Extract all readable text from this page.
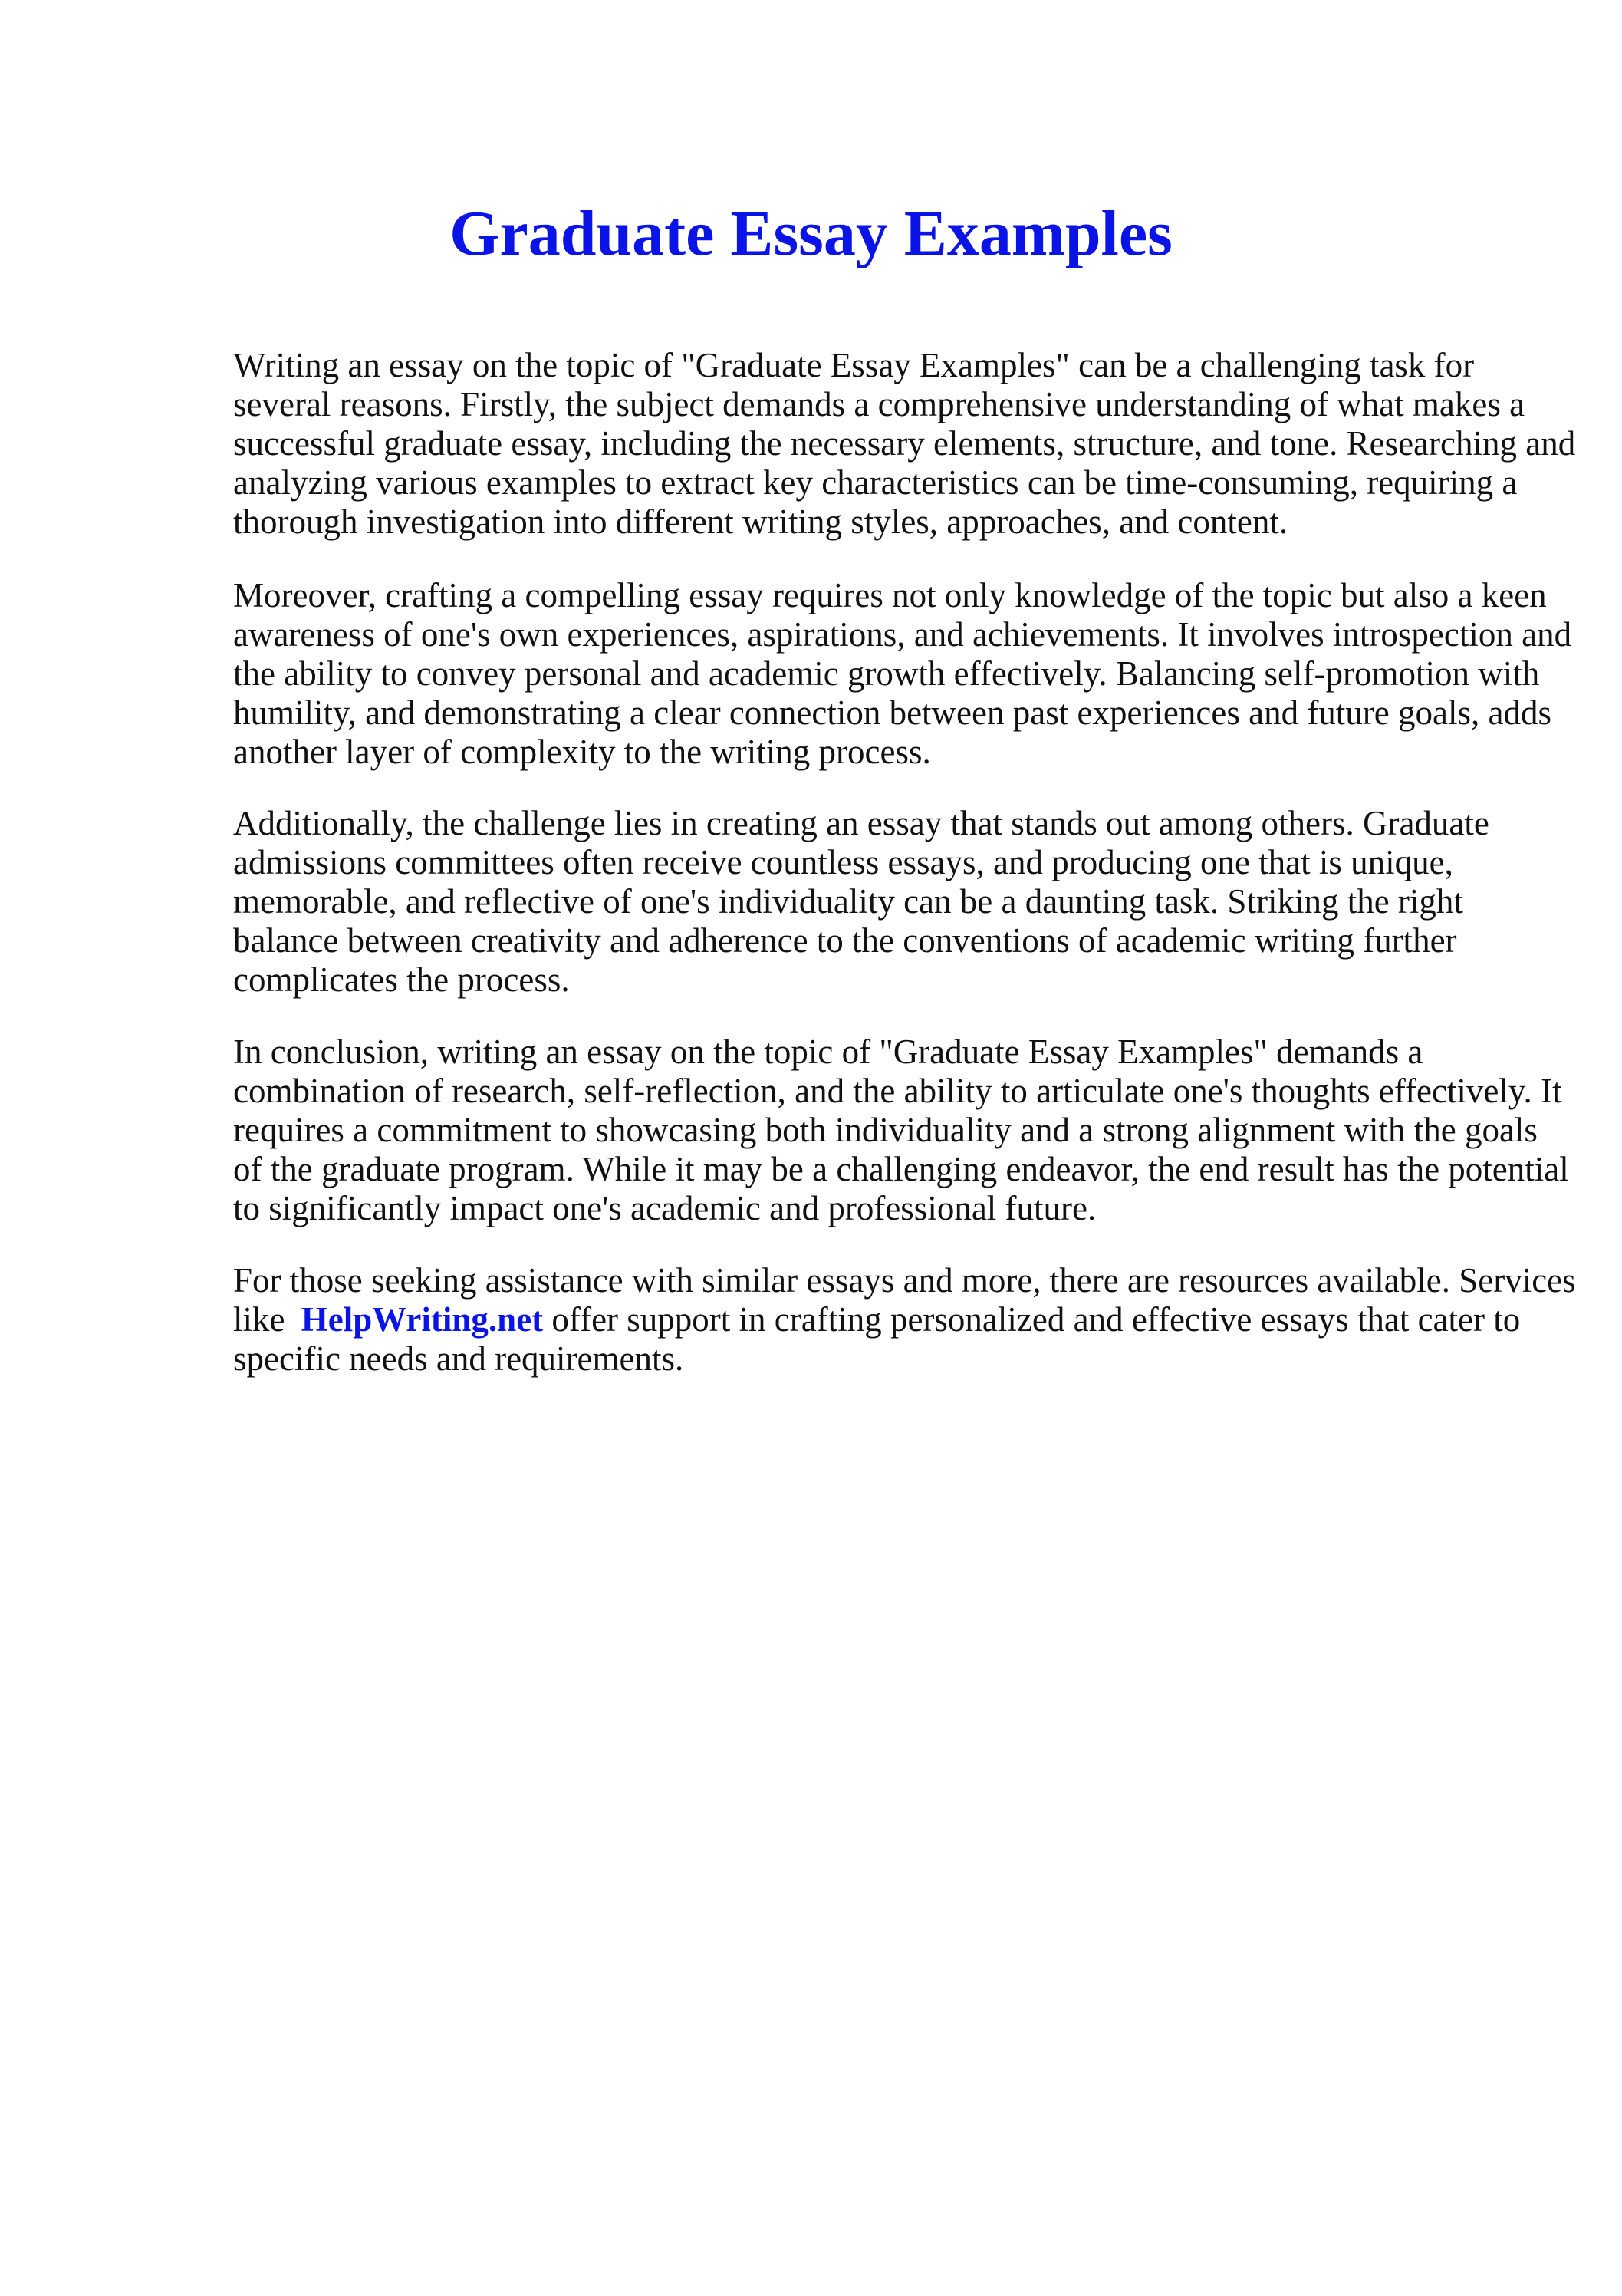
Graduate Essay Examples
Writing an essay on the topic of "Graduate Essay Examples" can be a challenging task for
several reasons. Firstly, the subject demands a comprehensive understanding of what makes a
successful graduate essay, including the necessary elements, structure, and tone. Researching and
analyzing various examples to extract key characteristics can be time-consuming, requiring a
thorough investigation into different writing styles, approaches, and content.
Moreover, crafting a compelling essay requires not only knowledge of the topic but also a keen
awareness of one's own experiences, aspirations, and achievements. It involves introspection and
the ability to convey personal and academic growth effectively. Balancing self-promotion with
humility, and demonstrating a clear connection between past experiences and future goals, adds
another layer of complexity to the writing process.
Additionally, the challenge lies in creating an essay that stands out among others. Graduate
admissions committees often receive countless essays, and producing one that is unique,
memorable, and reflective of one's individuality can be a daunting task. Striking the right
balance between creativity and adherence to the conventions of academic writing further
complicates the process.
In conclusion, writing an essay on the topic of "Graduate Essay Examples" demands a
combination of research, self-reflection, and the ability to articulate one's thoughts effectively. It
requires a commitment to showcasing both individuality and a strong alignment with the goals
of the graduate program. While it may be a challenging endeavor, the end result has the potential
to significantly impact one's academic and professional future.
For those seeking assistance with similar essays and more, there are resources available. Services
like HelpWriting.net offer support in crafting personalized and effective essays that cater to
specific needs and requirements.
